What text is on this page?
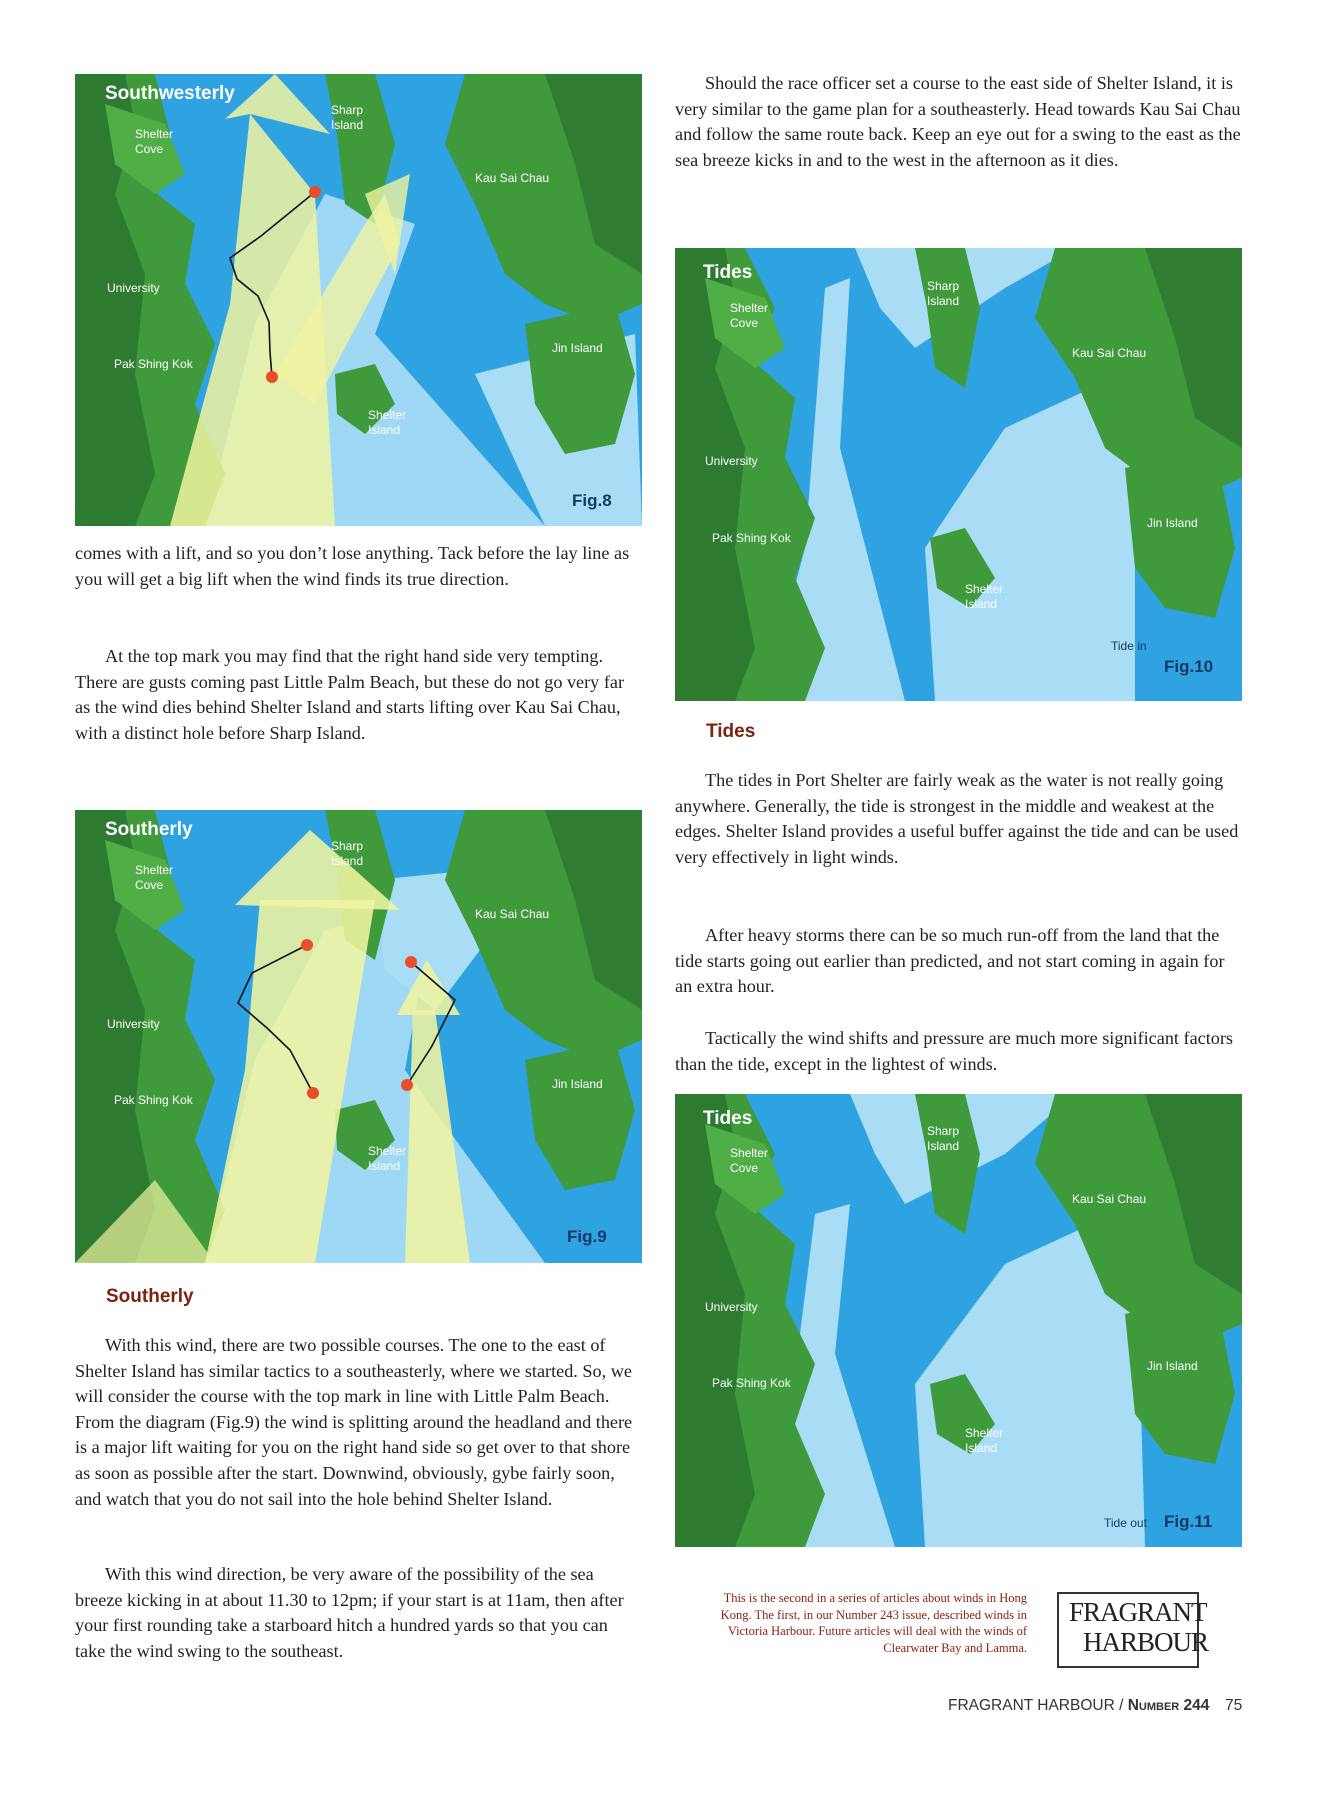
Southwesterly
Shelter
Cove
Sharp
Island
Kau Sai Chau
University
Pak Shing Kok
Jin Island
Shelter
Island
Fig.8
Southerly
Shelter
Cove
Sharp
Island
Kau Sai Chau
University
Pak Shing Kok
Jin Island
Shelter
Island
Fig.9
Tides
Shelter
Cove
Sharp
Island
Kau Sai Chau
University
Pak Shing Kok
Jin Island
Shelter
Island
Tide in
Fig.10
Tides
Shelter
Cove
Sharp
Island
Kau Sai Chau
University
Pak Shing Kok
Jin Island
Shelter
Island
Tide out Fig.11

comes with a lift, and so you don’t lose anything. Tack before the lay line as you will get a big lift when the wind finds its true direction.

At the top mark you may find that the right hand side very tempting. There are gusts coming past Little Palm Beach, but these do not go very far as the wind dies behind Shelter Island and starts lifting over Kau Sai Chau, with a distinct hole before Sharp Island.

Southerly

With this wind, there are two possible courses. The one to the east of Shelter Island has similar tactics to a southeasterly, where we started. So, we will consider the course with the top mark in line with Little Palm Beach. From the diagram (Fig.9) the wind is splitting around the headland and there is a major lift waiting for you on the right hand side so get over to that shore as soon as possible after the start. Downwind, obviously, gybe fairly soon, and watch that you do not sail into the hole behind Shelter Island.

With this wind direction, be very aware of the possibility of the sea breeze kicking in at about 11.30 to 12pm; if your start is at 11am, then after your first rounding take a starboard hitch a hundred yards so that you can take the wind swing to the southeast.

Should the race officer set a course to the east side of Shelter Island, it is very similar to the game plan for a southeasterly. Head towards Kau Sai Chau and follow the same route back. Keep an eye out for a swing to the east as the sea breeze kicks in and to the west in the afternoon as it dies.

Tides

The tides in Port Shelter are fairly weak as the water is not really going anywhere. Generally, the tide is strongest in the middle and weakest at the edges. Shelter Island provides a useful buffer against the tide and can be used very effectively in light winds.

After heavy storms there can be so much run-off from the land that the tide starts going out earlier than predicted, and not start coming in again for an extra hour.

Tactically the wind shifts and pressure are much more significant factors than the tide, except in the lightest of winds.

This is the second in a series of articles about winds in Hong Kong. The first, in our Number 243 issue, described winds in Victoria Harbour. Future articles will deal with the winds of Clearwater Bay and Lamma.

FRAGRANT
HARBOUR
FRAGRANT HARBOUR / Number 244 75
